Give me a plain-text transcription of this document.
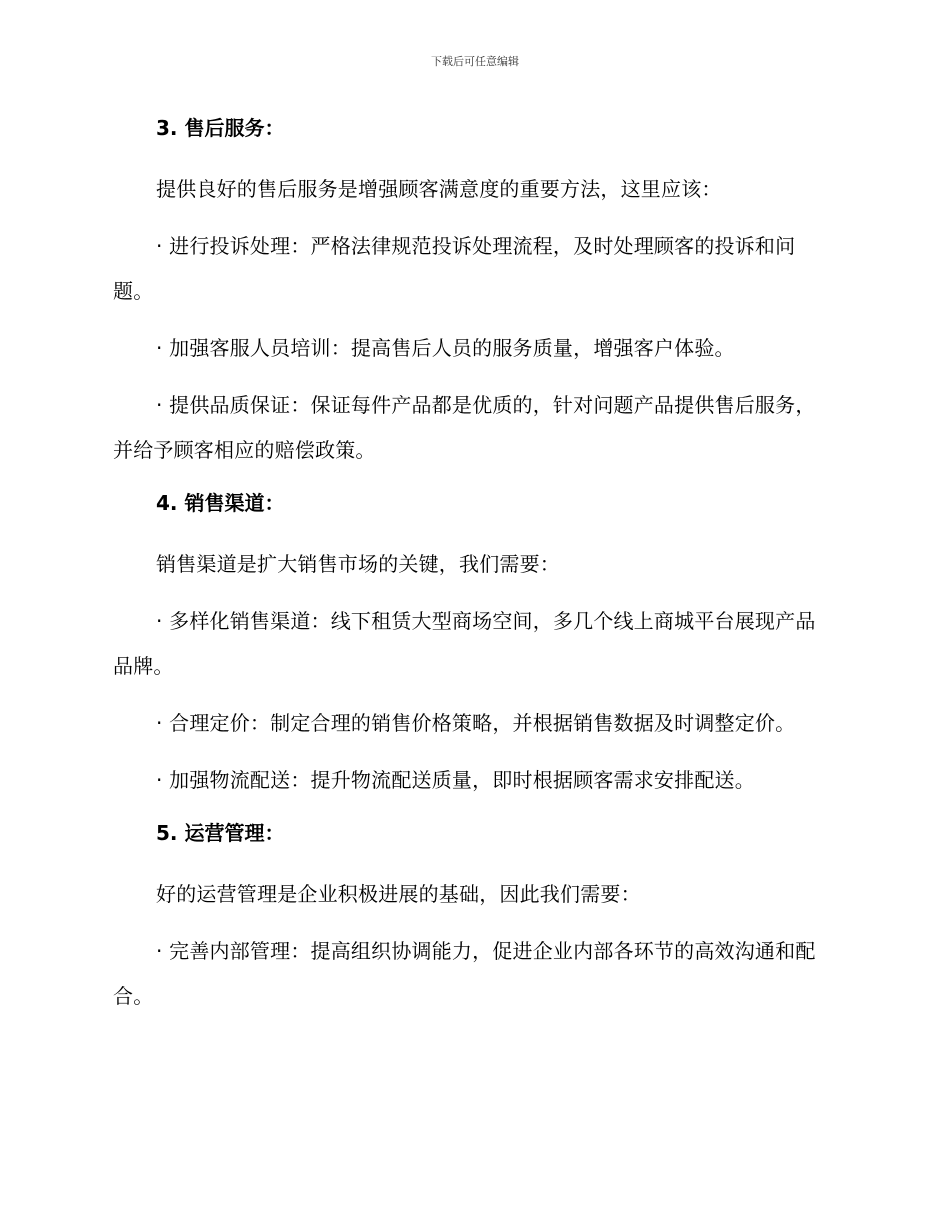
下载后可任意编辑
3. 售后服务：

提供良好的售后服务是增强顾客满意度的重要方法，这里应该：

· 进行投诉处理：严格法律规范投诉处理流程，及时处理顾客的投诉和问题。

· 加强客服人员培训：提高售后人员的服务质量，增强客户体验。

· 提供品质保证：保证每件产品都是优质的，针对问题产品提供售后服务，并给予顾客相应的赔偿政策。

4. 销售渠道：

销售渠道是扩大销售市场的关键，我们需要：

· 多样化销售渠道：线下租赁大型商场空间，多几个线上商城平台展现产品品牌。

· 合理定价：制定合理的销售价格策略，并根据销售数据及时调整定价。

· 加强物流配送：提升物流配送质量，即时根据顾客需求安排配送。

5. 运营管理：

好的运营管理是企业积极进展的基础，因此我们需要：

· 完善内部管理：提高组织协调能力，促进企业内部各环节的高效沟通和配合。
